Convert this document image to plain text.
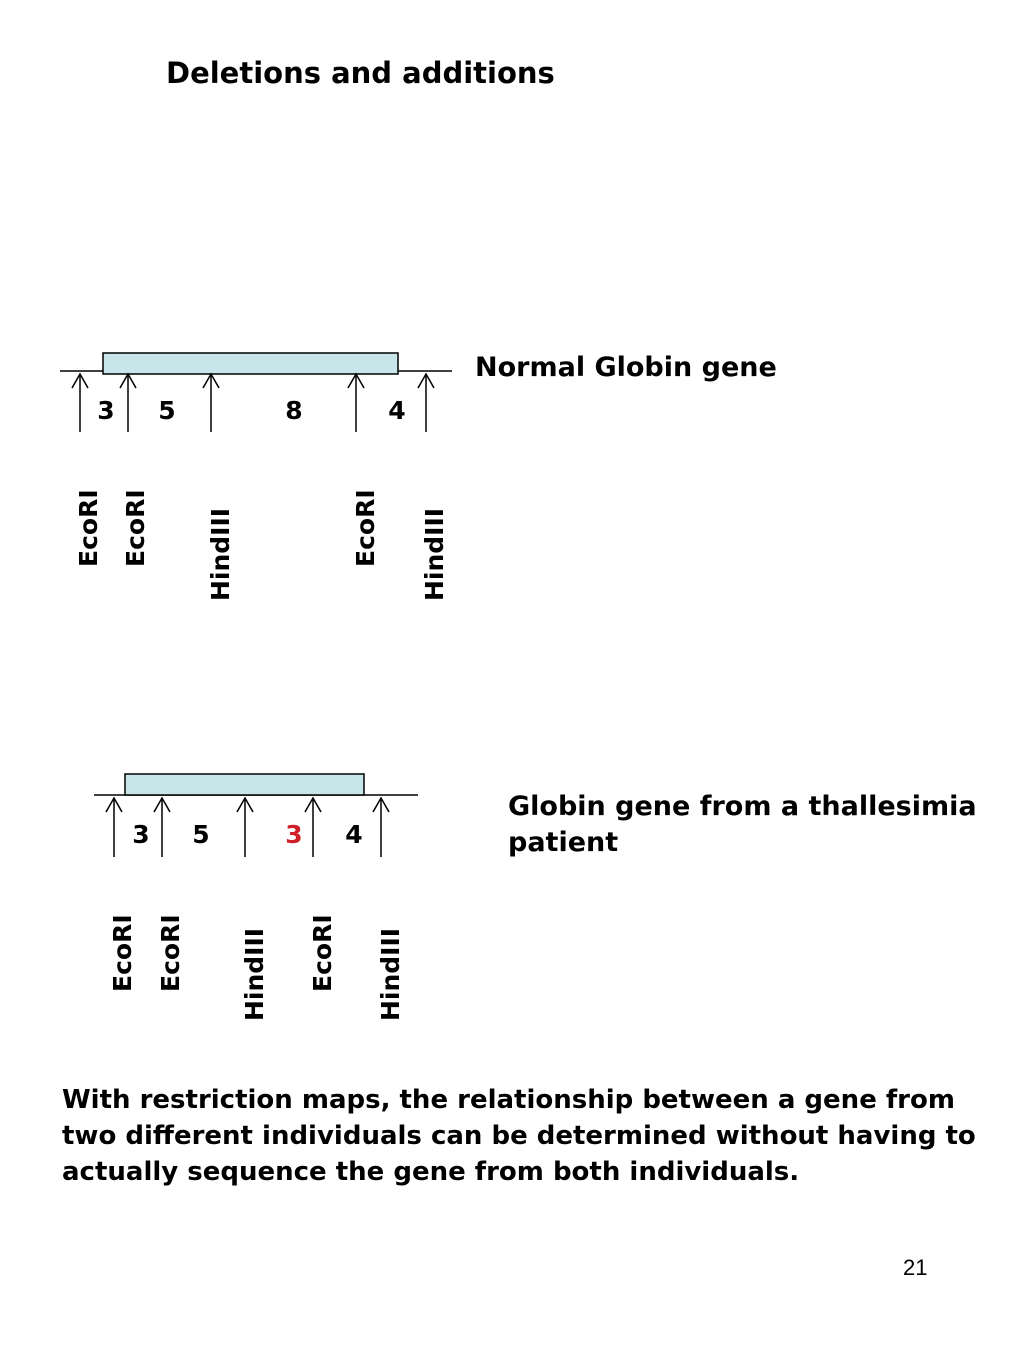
Deletions and additions
3 5	8	4
EcoRI EcoRI HindIII	EcoRI HindIII
3 5	3 4
EcoRI EcoRI HindIII EcoRI HindIII
Normal Globin gene
Globin gene from a thallesimia patient
With restriction maps, the relationship between a gene from two different individuals can be determined without having to actually sequence the gene from both individuals.
21
